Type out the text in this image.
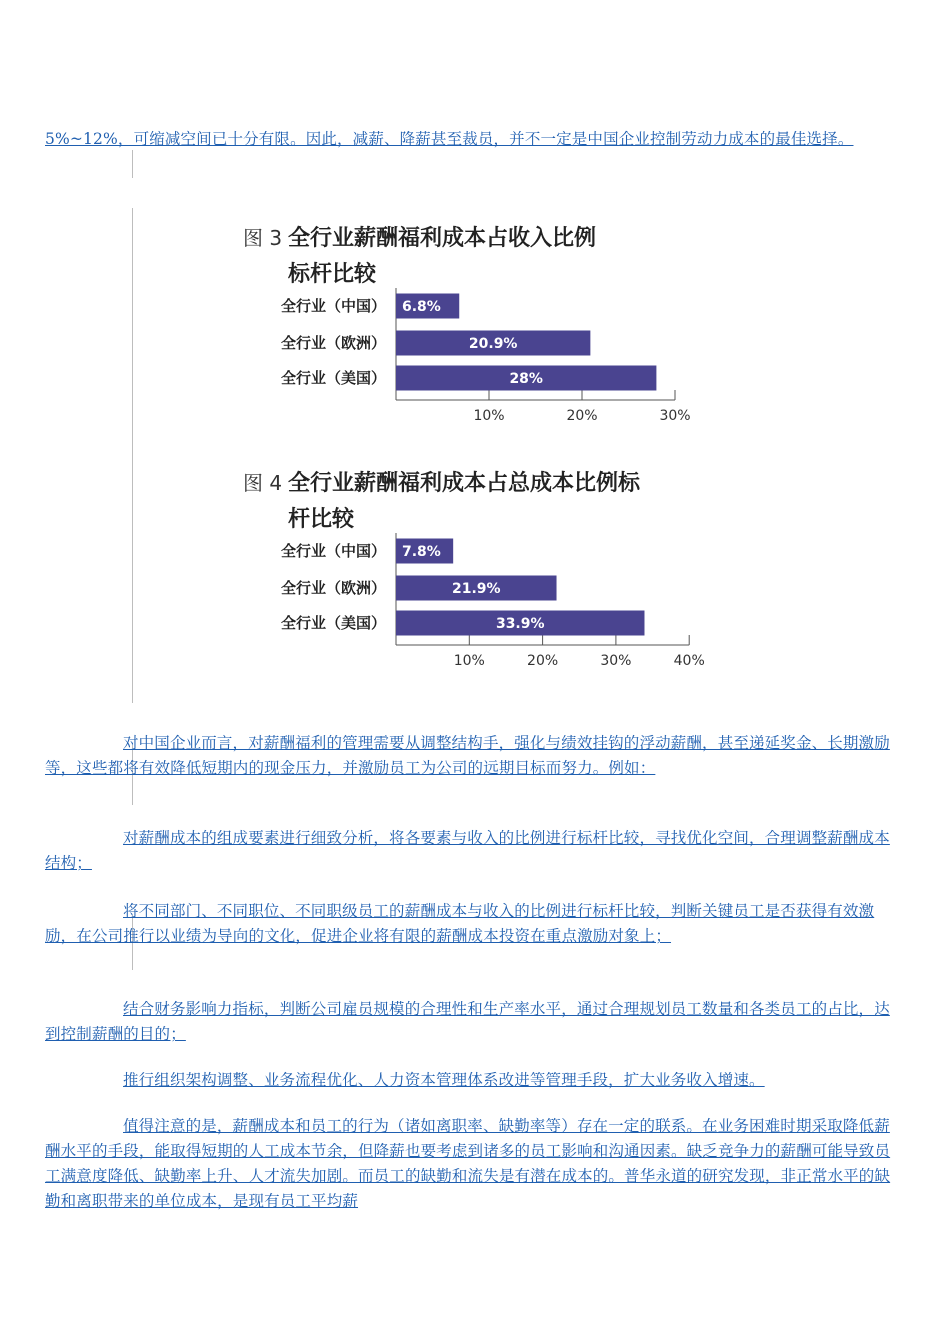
5%~12%，可缩减空间已十分有限。因此，减薪、降薪甚至裁员，并不一定是中国企业控制劳动力成本的最佳选择。

图 3 全行业薪酬福利成本占收入比例
标杆比较
10%	20%	30%
全行业（中国） 6.8%
全行业（欧洲）	20.9%
全行业（美国）	28%
图 4 全行业薪酬福利成本占总成本比例标
杆比较
10%	20%	30%	40%
全行业（中国） 7.8%
全行业（欧洲）	21.9%
全行业（美国）	33.9%

对中国企业而言，对薪酬福利的管理需要从调整结构手，强化与绩效挂钩的浮动薪酬，甚至递延奖金、长期激励等，这些都将有效降低短期内的现金压力，并激励员工为公司的远期目标而努力。例如：

对薪酬成本的组成要素进行细致分析，将各要素与收入的比例进行标杆比较，寻找优化空间，合理调整薪酬成本结构；

将不同部门、不同职位、不同职级员工的薪酬成本与收入的比例进行标杆比较，判断关键员工是否获得有效激励，在公司推行以业绩为导向的文化，促进企业将有限的薪酬成本投资在重点激励对象上；

结合财务影响力指标，判断公司雇员规模的合理性和生产率水平，通过合理规划员工数量和各类员工的占比，达到控制薪酬的目的；

推行组织架构调整、业务流程优化、人力资本管理体系改进等管理手段，扩大业务收入增速。

值得注意的是，薪酬成本和员工的行为（诸如离职率、缺勤率等）存在一定的联系。在业务困难时期采取降低薪酬水平的手段，能取得短期的人工成本节余，但降薪也要考虑到诸多的员工影响和沟通因素。缺乏竞争力的薪酬可能导致员工满意度降低、缺勤率上升、人才流失加剧。而员工的缺勤和流失是有潜在成本的。普华永道的研究发现，非正常水平的缺勤和离职带来的单位成本，是现有员工平均薪
